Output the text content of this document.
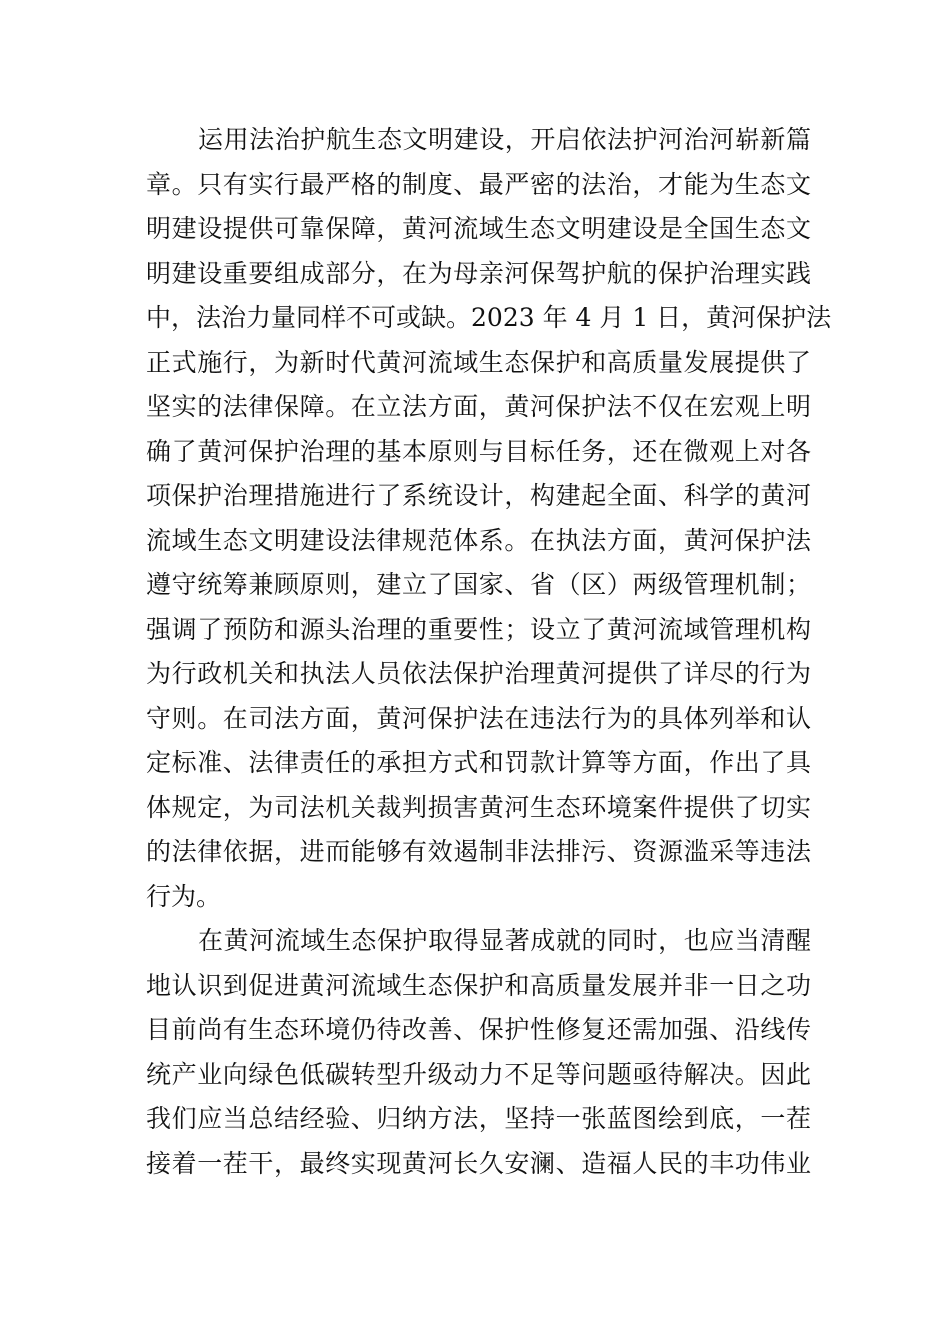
运用法治护航生态文明建设，开启依法护河治河崭新篇
章。只有实行最严格的制度、最严密的法治，才能为生态文
明建设提供可靠保障，黄河流域生态文明建设是全国生态文
明建设重要组成部分，在为母亲河保驾护航的保护治理实践
中，法治力量同样不可或缺。2023 年 4 月 1 日，黄河保护法
正式施行，为新时代黄河流域生态保护和高质量发展提供了
坚实的法律保障。在立法方面，黄河保护法不仅在宏观上明
确了黄河保护治理的基本原则与目标任务，还在微观上对各
项保护治理措施进行了系统设计，构建起全面、科学的黄河
流域生态文明建设法律规范体系。在执法方面，黄河保护法
遵守统筹兼顾原则，建立了国家、省（区）两级管理机制；
强调了预防和源头治理的重要性；设立了黄河流域管理机构
为行政机关和执法人员依法保护治理黄河提供了详尽的行为
守则。在司法方面，黄河保护法在违法行为的具体列举和认
定标准、法律责任的承担方式和罚款计算等方面，作出了具
体规定，为司法机关裁判损害黄河生态环境案件提供了切实
的法律依据，进而能够有效遏制非法排污、资源滥采等违法
行为。
在黄河流域生态保护取得显著成就的同时，也应当清醒
地认识到促进黄河流域生态保护和高质量发展并非一日之功
目前尚有生态环境仍待改善、保护性修复还需加强、沿线传
统产业向绿色低碳转型升级动力不足等问题亟待解决。因此
我们应当总结经验、归纳方法，坚持一张蓝图绘到底，一茬
接着一茬干，最终实现黄河长久安澜、造福人民的丰功伟业
